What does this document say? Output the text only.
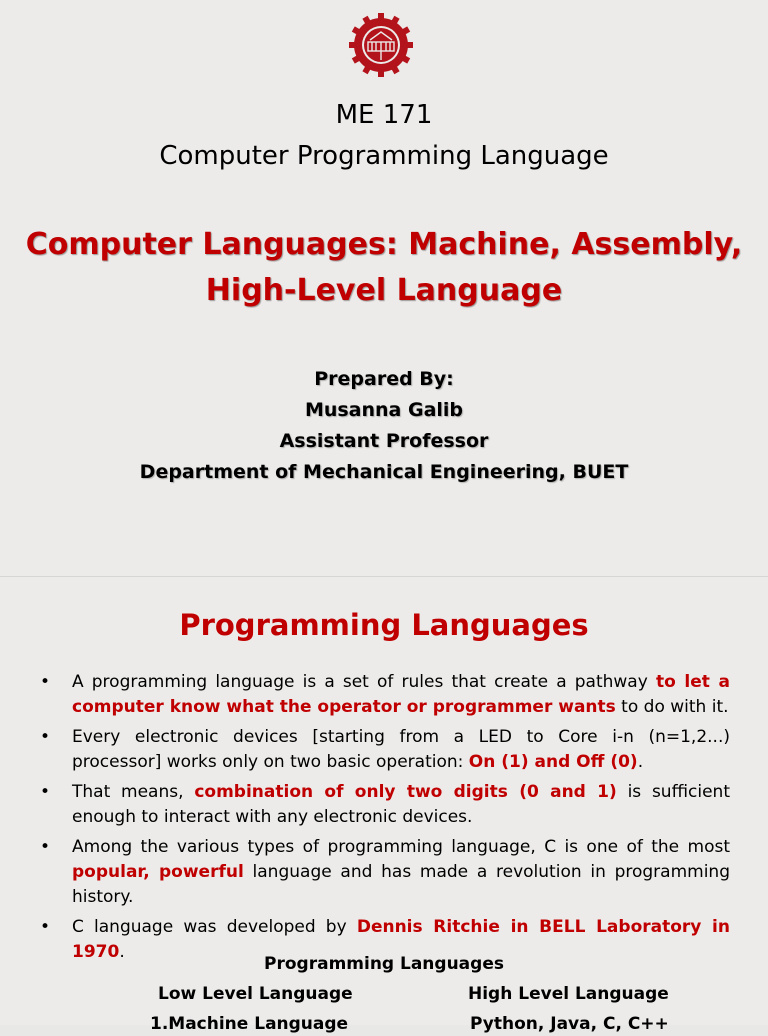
ME 171
Computer Programming Language
Computer Languages: Machine, Assembly,
High-Level Language
Prepared By:
Musanna Galib
Assistant Professor
Department of Mechanical Engineering, BUET
Programming Languages
• A programming language is a set of rules that create a pathway to let a computer know what the operator or programmer wants to do with it.
• Every electronic devices [starting from a LED to Core i-n (n=1,2...) processor] works only on two basic operation: On (1) and Off (0).
• That means, combination of only two digits (0 and 1) is sufficient enough to interact with any electronic devices.
• Among the various types of programming language, C is one of the most popular, powerful language and has made a revolution in programming history.
• C language was developed by Dennis Ritchie in BELL Laboratory in 1970.
Programming Languages
Low Level Language	High Level Language
1.Machine Language	Python, Java, C, C++
